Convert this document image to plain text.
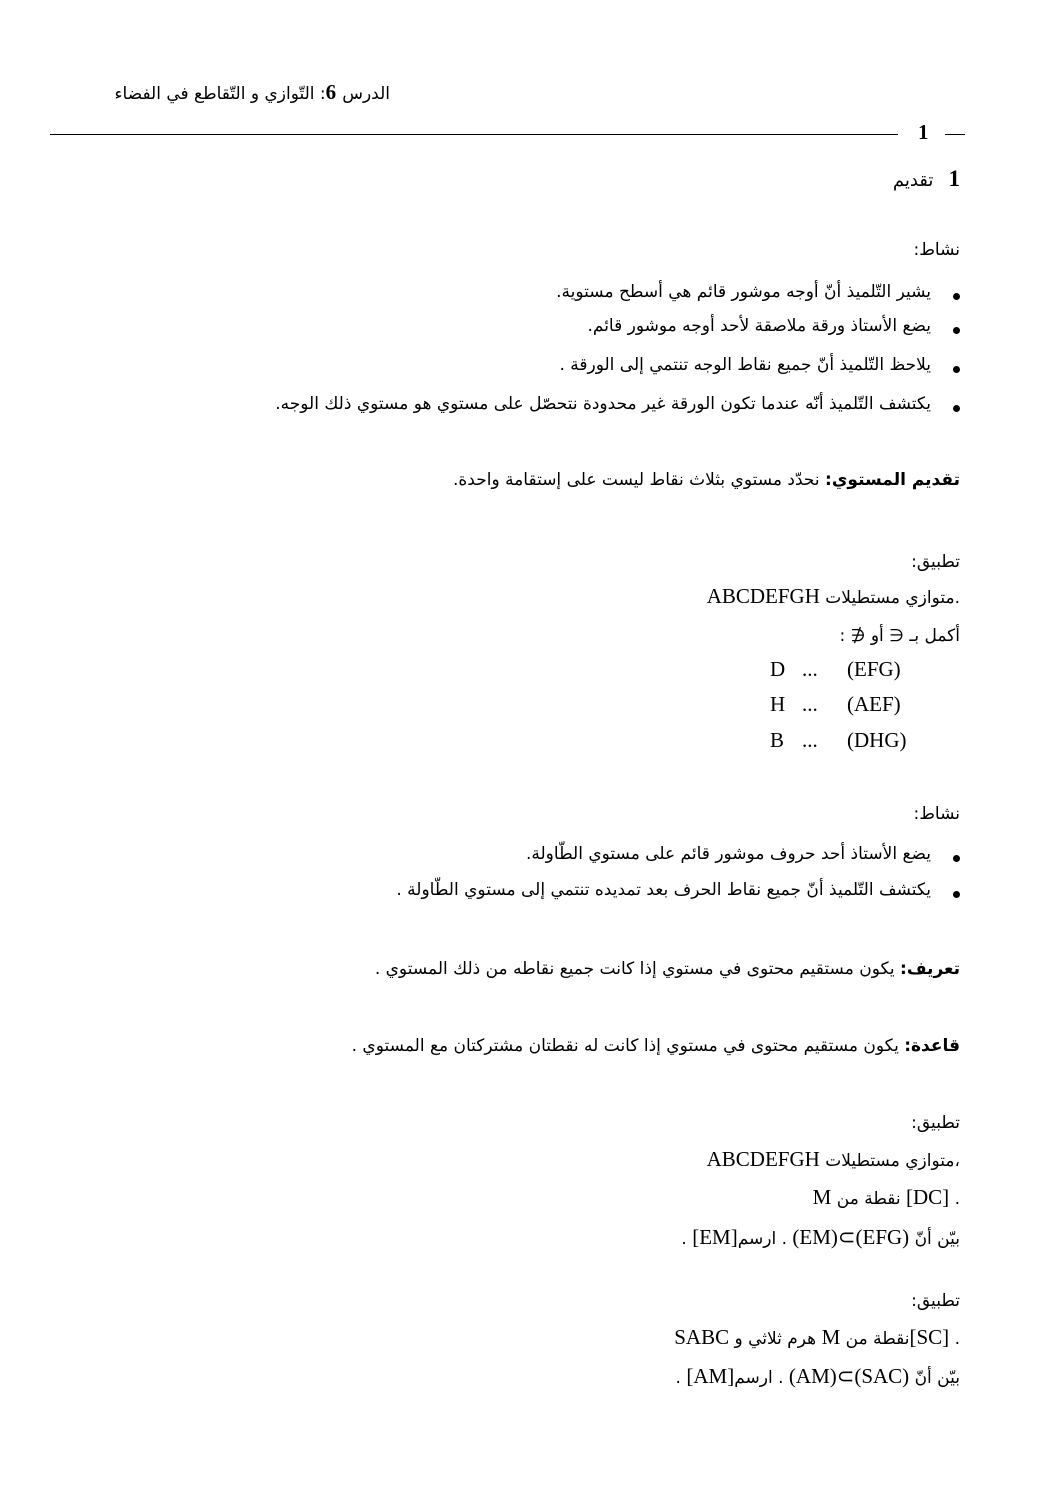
الدرس 6: التّوازي و التّقاطع في الفضاء
1
1 تقديم
نشاط:
يشير التّلميذ أنّ أوجه موشور قائم هي أسطح مستوية.
يضع الأستاذ ورقة ملاصقة لأحد أوجه موشور قائم.
يلاحظ التّلميذ أنّ جميع نقاط الوجه تنتمي إلى الورقة .
يكتشف التّلميذ أنّه عندما تكون الورقة غير محدودة نتحصّل على مستوي هو مستوي ذلك الوجه.
تقديم المستوي: نحدّد مستوي بثلاث نقاط ليست على إستقامة واحدة.
تطبيق:
ABCDEFGH متوازي مستطيلات.
أكمل بـ ∈ أو ∉ :
D ... (EFG)
H ... (AEF)
B ... (DHG)
نشاط:
يضع الأستاذ أحد حروف موشور قائم على مستوي الطّاولة.
يكتشف التّلميذ أنّ جميع نقاط الحرف بعد تمديده تنتمي إلى مستوي الطّاولة .
تعريف: يكون مستقيم محتوى في مستوي إذا كانت جميع نقاطه من ذلك المستوي .
قاعدة: يكون مستقيم محتوى في مستوي إذا كانت له نقطتان مشتركتان مع المستوي .
تطبيق:
ABCDEFGH متوازي مستطيلات،
M نقطة من [DC] .
بيّن أنّ (EM)⊂(EFG) . ارسم[EM] .
تطبيق:
SABC هرم ثلاثي و M نقطة من[SC] .
بيّن أنّ (AM)⊂(SAC) . ارسم[AM] .
